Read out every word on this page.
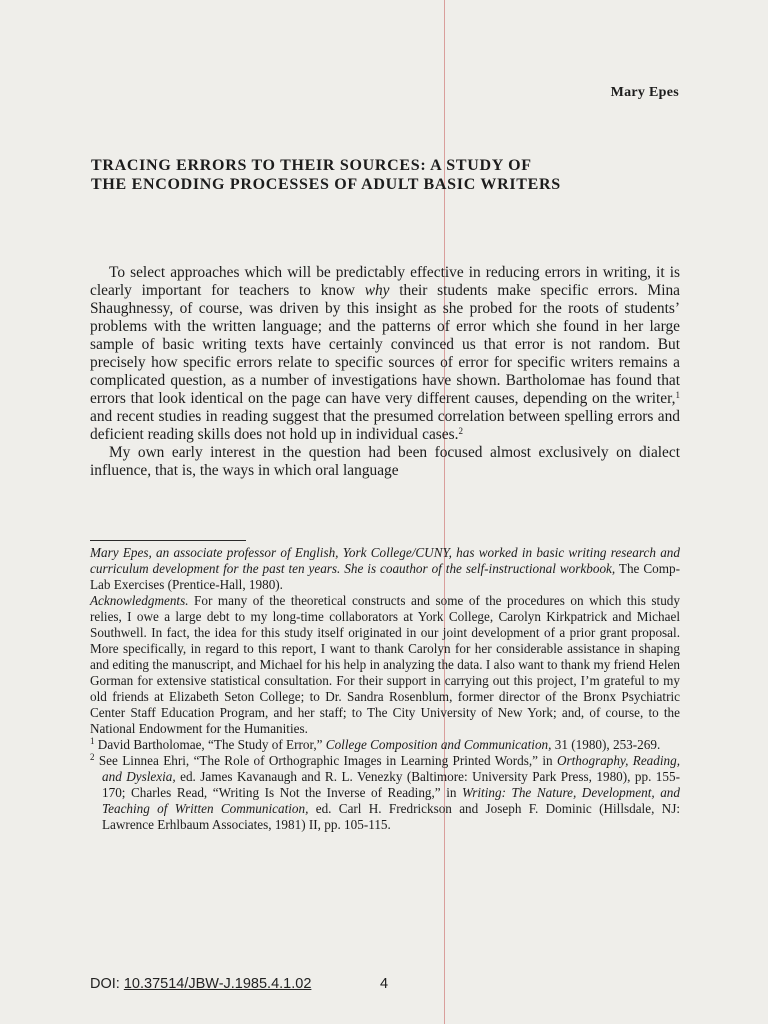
Mary Epes
TRACING ERRORS TO THEIR SOURCES: A STUDY OF
THE ENCODING PROCESSES OF ADULT BASIC WRITERS

To select approaches which will be predictably effective in reducing errors in writing, it is clearly important for teachers to know why their students make specific errors. Mina Shaughnessy, of course, was driven by this insight as she probed for the roots of students’ problems with the written language; and the patterns of error which she found in her large sample of basic writing texts have certainly convinced us that error is not random. But precisely how specific errors relate to specific sources of error for specific writers remains a complicated question, as a number of investigations have shown. Bartholomae has found that errors that look identical on the page can have very different causes, depending on the writer,$^1$ and recent studies in reading suggest that the presumed correlation between spelling errors and deficient reading skills does not hold up in individual cases.$^2$

My own early interest in the question had been focused almost exclusively on dialect influence, that is, the ways in which oral language

Mary Epes, an associate professor of English, York College/CUNY, has worked in basic writing research and curriculum development for the past ten years. She is coauthor of the self-instructional workbook, The Comp-Lab Exercises (Prentice-Hall, 1980).

Acknowledgments. For many of the theoretical constructs and some of the procedures on which this study relies, I owe a large debt to my long-time collaborators at York College, Carolyn Kirkpatrick and Michael Southwell. In fact, the idea for this study itself originated in our joint development of a prior grant proposal. More specifically, in regard to this report, I want to thank Carolyn for her considerable assistance in shaping and editing the manuscript, and Michael for his help in analyzing the data. I also want to thank my friend Helen Gorman for extensive statistical consultation. For their support in carrying out this project, I’m grateful to my old friends at Elizabeth Seton College; to Dr. Sandra Rosenblum, former director of the Bronx Psychiatric Center Staff Education Program, and her staff; to The City University of New York; and, of course, to the National Endowment for the Humanities.

$^1$ David Bartholomae, “The Study of Error,” College Composition and Communication, 31 (1980), 253-269.

$^2$ See Linnea Ehri, “The Role of Orthographic Images in Learning Printed Words,” in Orthography, Reading, and Dyslexia, ed. James Kavanaugh and R. L. Venezky (Baltimore: University Park Press, 1980), pp. 155-170; Charles Read, “Writing Is Not the Inverse of Reading,” in Writing: The Nature, Development, and Teaching of Written Communication, ed. Carl H. Fredrickson and Joseph F. Dominic (Hillsdale, NJ: Lawrence Erhlbaum Associates, 1981) II, pp. 105-115.

DOI: 10.37514/JBW-J.1985.4.1.02	4
